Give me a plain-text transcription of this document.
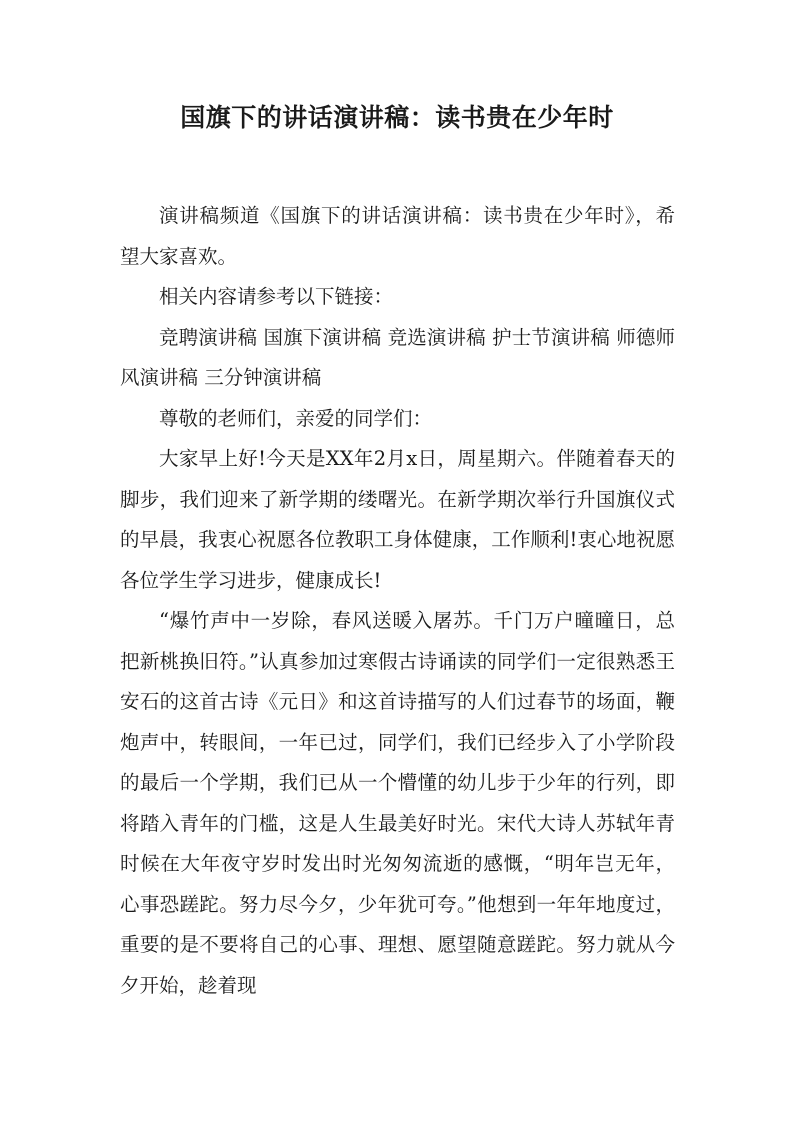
国旗下的讲话演讲稿：读书贵在少年时

演讲稿频道《国旗下的讲话演讲稿：读书贵在少年时》，希望大家喜欢。

相关内容请参考以下链接：

竞聘演讲稿 国旗下演讲稿 竞选演讲稿 护士节演讲稿 师德师风演讲稿 三分钟演讲稿

尊敬的老师们，亲爱的同学们：

大家早上好!今天是XX年2月x日，周星期六。伴随着春天的脚步，我们迎来了新学期的缕曙光。在新学期次举行升国旗仪式的早晨，我衷心祝愿各位教职工身体健康，工作顺利!衷心地祝愿各位学生学习进步，健康成长!

“爆竹声中一岁除，春风送暖入屠苏。千门万户曈曈日，总把新桃换旧符。”认真参加过寒假古诗诵读的同学们一定很熟悉王安石的这首古诗《元日》和这首诗描写的人们过春节的场面，鞭炮声中，转眼间，一年已过，同学们，我们已经步入了小学阶段的最后一个学期，我们已从一个懵懂的幼儿步于少年的行列，即将踏入青年的门槛，这是人生最美好时光。宋代大诗人苏轼年青时候在大年夜守岁时发出时光匆匆流逝的感慨，“明年岂无年，心事恐蹉跎。努力尽今夕，少年犹可夸。”他想到一年年地度过，重要的是不要将自己的心事、理想、愿望随意蹉跎。努力就从今夕开始，趁着现
